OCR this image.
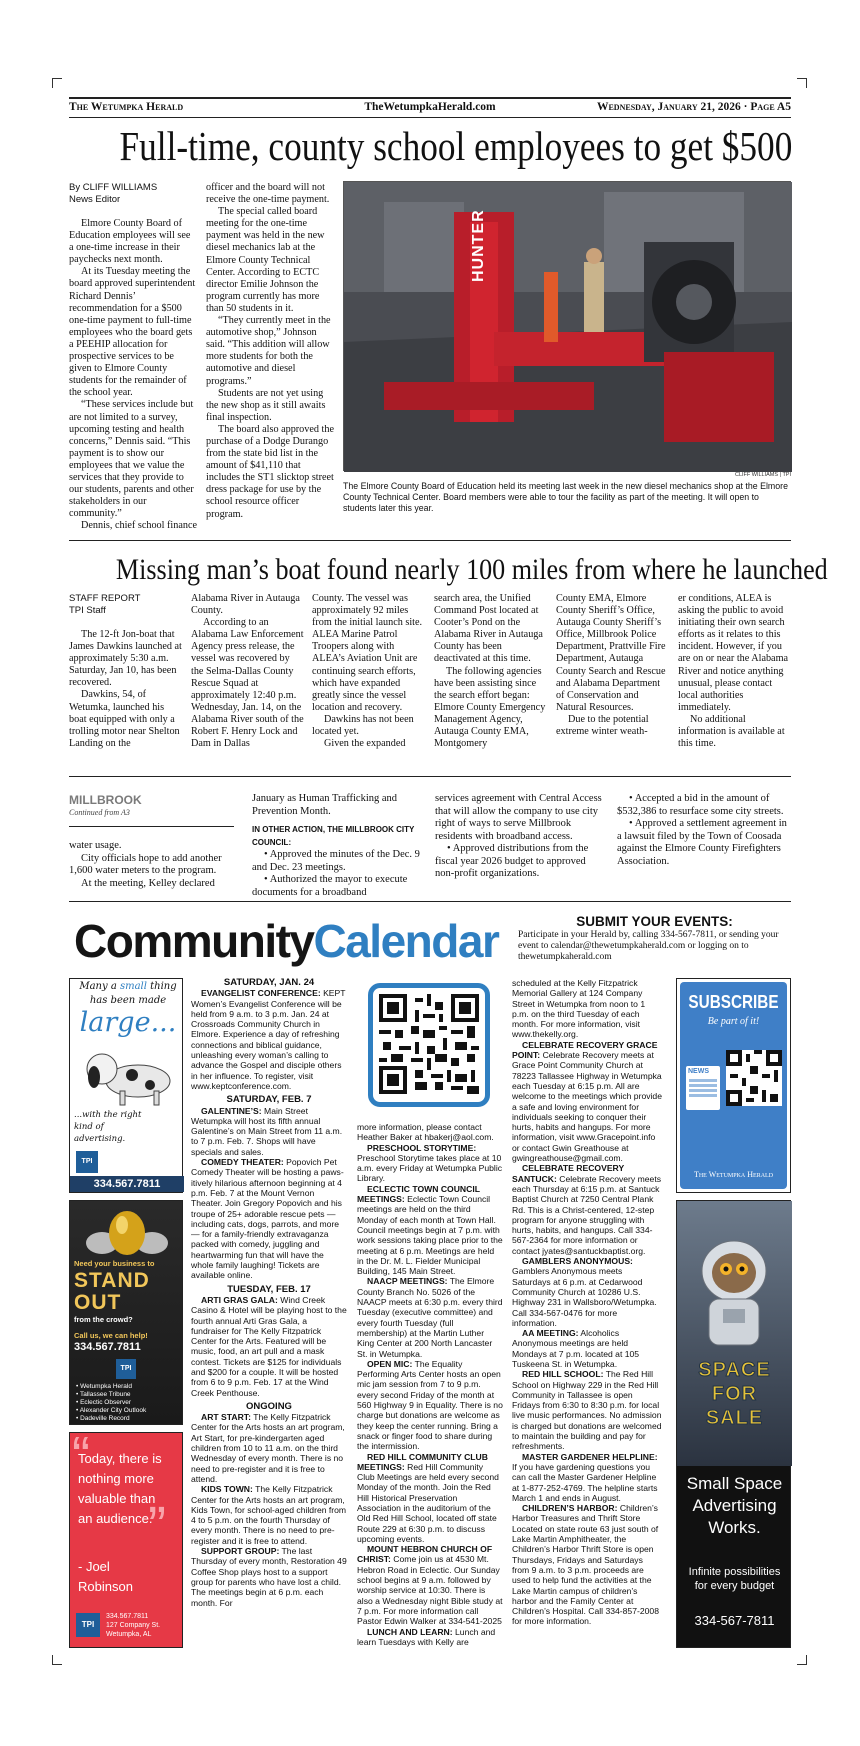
The Wetumpka Herald	TheWetumpkaHerald.com	Wednesday, January 21, 2026 · Page A5
Full-time, county school employees to get $500
By CLIFF WILLIAMS
News Editor

Elmore County Board of Education employees will see a one-time increase in their paychecks next month.

At its Tuesday meeting the board approved superintendent Richard Dennis’ recommendation for a $500 one-time payment to full-time employees who the board gets a PEEHIP allocation for prospective services to be given to Elmore County students for the remainder of the school year.

“These services include but are not limited to a survey, upcoming testing and health concerns,” Dennis said. “This payment is to show our employees that we value the services that they provide to our students, parents and other stakeholders in our community.”

Dennis, chief school finance

officer and the board will not receive the one-time payment.

The special called board meeting for the one-time payment was held in the new diesel mechanics lab at the Elmore County Technical Center. According to ECTC director Emilie Johnson the program currently has more than 50 students in it.

“They currently meet in the automotive shop,” Johnson said. “This addition will allow more students for both the automotive and diesel programs.”

Students are not yet using the new shop as it still awaits final inspection.

The board also approved the purchase of a Dodge Durango from the state bid list in the amount of $41,110 that includes the ST1 slicktop street dress package for use by the school resource officer program.

HUNTER
CLIFF WILLIAMS | TPI
The Elmore County Board of Education held its meeting last week in the new diesel mechanics shop at the Elmore County Technical Center. Board members were able to tour the facility as part of the meeting. It will open to students later this year.
Missing man’s boat found nearly 100 miles from where he launched
STAFF REPORT
TPI Staff

The 12-ft Jon-boat that James Dawkins launched at approximately 5:30 a.m. Saturday, Jan 10, has been recovered.

Dawkins, 54, of Wetumka, launched his boat equipped with only a trolling motor near Shelton Landing on the

Alabama River in Autauga County.

According to an Alabama Law Enforcement Agency press release, the vessel was recovered by the Selma-Dallas County Rescue Squad at approximately 12:40 p.m. Wednesday, Jan. 14, on the Alabama River south of the Robert F. Henry Lock and Dam in Dallas

County. The vessel was approximately 92 miles from the initial launch site. ALEA Marine Patrol Troopers along with ALEA’s Aviation Unit are continuing search efforts, which have expanded greatly since the vessel location and recovery.

Dawkins has not been located yet.

Given the expanded

search area, the Unified Command Post located at Cooter’s Pond on the Alabama River in Autauga County has been deactivated at this time.

The following agencies have been assisting since the search effort began: Elmore County Emergency Management Agency, Autauga County EMA, Montgomery

County EMA, Elmore County Sheriff’s Office, Autauga County Sheriff’s Office, Millbrook Police Department, Prattville Fire Department, Autauga County Search and Rescue and Alabama Department of Conservation and Natural Resources.

Due to the potential extreme winter weath-

er conditions, ALEA is asking the public to avoid initiating their own search efforts as it relates to this incident. However, if you are on or near the Alabama River and notice anything unusual, please contact local authorities immediately.

No additional information is available at this time.

MILLBROOK
Continued from A3

water usage.

City officials hope to add another 1,600 water meters to the program.

At the meeting, Kelley declared

January as Human Trafficking and Prevention Month.

IN OTHER ACTION, THE MILLBROOK CITY COUNCIL:

• Approved the minutes of the Dec. 9 and Dec. 23 meetings.

• Authorized the mayor to execute documents for a broadband

services agreement with Central Access that will allow the company to use city right of ways to serve Millbrook residents with broadband access.

• Approved distributions from the fiscal year 2026 budget to approved non-profit organizations.

• Accepted a bid in the amount of $532,386 to resurface some city streets.

• Approved a settlement agreement in a lawsuit filed by the Town of Coosada against the Elmore County Firefighters Association.

CommunityCalendar	SUBMIT YOUR EVENTS:
Participate in your Herald by, calling 334-567-7811, or sending your event to calendar@thewetumpkaherald.com or logging on to thewetumpkaherald.com
Many a small thing
has been made
large...
...with the right kind of advertising.
TPI
334.567.7811
Need your business to
STAND
OUT
from the crowd?
Call us, we can help!
334.567.7811
TPI
• Wetumpka Herald
• Tallassee Tribune
• Eclectic Observer
• Alexander City Outlook
• Dadeville Record
“
Today, there is nothing more valuable than an audience.
”
- Joel Robinson
TPI
334.567.7811
127 Company St.
Wetumpka, AL

SATURDAY, JAN. 24

EVANGELIST CONFERENCE: KEPT Women’s Evangelist Conference will be held from 9 a.m. to 3 p.m. Jan. 24 at Crossroads Community Church in Elmore. Experience a day of refreshing connections and biblical guidance, unleashing every woman’s calling to advance the Gospel and disciple others in her influence. To register, visit www.keptconference.com.

SATURDAY, FEB. 7

GALENTINE’S: Main Street Wetumpka will host its fifth annual Galentine’s on Main Street from 11 a.m. to 7 p.m. Feb. 7. Shops will have specials and sales.

COMEDY THEATER: Popovich Pet Comedy Theater will be hosting a paws-itively hilarious afternoon beginning at 4 p.m. Feb. 7 at the Mount Vernon Theater. Join Gregory Popovich and his troupe of 25+ adorable rescue pets — including cats, dogs, parrots, and more — for a family-friendly extravaganza packed with comedy, juggling and heartwarming fun that will have the whole family laughing! Tickets are available online.

TUESDAY, FEB. 17

ARTI GRAS GALA: Wind Creek Casino & Hotel will be playing host to the fourth annual Arti Gras Gala, a fundraiser for The Kelly Fitzpatrick Center for the Arts. Featured will be music, food, an art pull and a mask contest. Tickets are $125 for individuals and $200 for a couple. It will be hosted from 6 to 9 p.m. Feb. 17 at the Wind Creek Penthouse.

ONGOING

ART START: The Kelly Fitzpatrick Center for the Arts hosts an art program, Art Start, for pre-kindergarten aged children from 10 to 11 a.m. on the third Wednesday of every month. There is no need to pre-register and it is free to attend.

KIDS TOWN: The Kelly Fitzpatrick Center for the Arts hosts an art program, Kids Town, for school-aged children from 4 to 5 p.m. on the fourth Thursday of every month. There is no need to pre-register and it is free to attend.

SUPPORT GROUP: The last Thursday of every month, Restoration 49 Coffee Shop plays host to a support group for parents who have lost a child. The meetings begin at 6 p.m. each month. For

more information, please contact Heather Baker at hbakerj@aol.com.

PRESCHOOL STORYTIME: Preschool Storytime takes place at 10 a.m. every Friday at Wetumpka Public Library.

ECLECTIC TOWN COUNCIL MEETINGS: Eclectic Town Council meetings are held on the third Monday of each month at Town Hall. Council meetings begin at 7 p.m. with work sessions taking place prior to the meeting at 6 p.m. Meetings are held in the Dr. M. L. Fielder Municipal Building, 145 Main Street.

NAACP MEETINGS: The Elmore County Branch No. 5026 of the NAACP meets at 6:30 p.m. every third Tuesday (executive committee) and every fourth Tuesday (full membership) at the Martin Luther King Center at 200 North Lancaster St. in Wetumpka.

OPEN MIC: The Equality Performing Arts Center hosts an open mic jam session from 7 to 9 p.m. every second Friday of the month at 560 Highway 9 in Equality. There is no charge but donations are welcome as they keep the center running. Bring a snack or finger food to share during the intermission.

RED HILL COMMUNITY CLUB MEETINGS: Red Hill Community Club Meetings are held every second Monday of the month. Join the Red Hill Historical Preservation Association in the auditorium of the Old Red Hill School, located off state Route 229 at 6:30 p.m. to discuss upcoming events.

MOUNT HEBRON CHURCH OF CHRIST: Come join us at 4530 Mt. Hebron Road in Eclectic. Our Sunday school begins at 9 a.m. followed by worship service at 10:30. There is also a Wednesday night Bible study at 7 p.m. For more information call Pastor Edwin Walker at 334-541-2025

LUNCH AND LEARN: Lunch and learn Tuesdays with Kelly are

scheduled at the Kelly Fitzpatrick Memorial Gallery at 124 Company Street in Wetumpka from noon to 1 p.m. on the third Tuesday of each month. For more information, visit www.thekelly.org.

CELEBRATE RECOVERY GRACE POINT: Celebrate Recovery meets at Grace Point Community Church at 78223 Tallassee Highway in Wetumpka each Tuesday at 6:15 p.m. All are welcome to the meetings which provide a safe and loving environment for individuals seeking to conquer their hurts, habits and hangups. For more information, visit www.Gracepoint.info or contact Gwin Greathouse at gwingreathouse@gmail.com.

CELEBRATE RECOVERY SANTUCK: Celebrate Recovery meets each Thursday at 6:15 p.m. at Santuck Baptist Church at 7250 Central Plank Rd. This is a Christ-centered, 12-step program for anyone struggling with hurts, habits, and hangups. Call 334-567-2364 for more information or contact jyates@santuckbaptist.org.

GAMBLERS ANONYMOUS: Gamblers Anonymous meets Saturdays at 6 p.m. at Cedarwood Community Church at 10286 U.S. Highway 231 in Wallsboro/Wetumpka. Call 334-567-0476 for more information.

AA MEETING: Alcoholics Anonymous meetings are held Mondays at 7 p.m. located at 105 Tuskeena St. in Wetumpka.

RED HILL SCHOOL: The Red Hill School on Highway 229 in the Red Hill Community in Tallassee is open Fridays from 6:30 to 8:30 p.m. for local live music performances. No admission is charged but donations are welcomed to maintain the building and pay for refreshments.

MASTER GARDENER HELPLINE: If you have gardening questions you can call the Master Gardener Helpline at 1-877-252-4769. The helpline starts March 1 and ends in August.

CHILDREN’S HARBOR: Children’s Harbor Treasures and Thrift Store Located on state route 63 just south of Lake Martin Amphitheater, the Children’s Harbor Thrift Store is open Thursdays, Fridays and Saturdays from 9 a.m. to 3 p.m. proceeds are used to help fund the activities at the Lake Martin campus of children’s harbor and the Family Center at Children’s Hospital. Call 334-857-2008 for more information.

SUBSCRIBE
Be part of it!
NEWS
The Wetumpka Herald
SPACE
FOR
SALE
Small Space Advertising Works.
Infinite possibilities for every budget
334-567-7811
